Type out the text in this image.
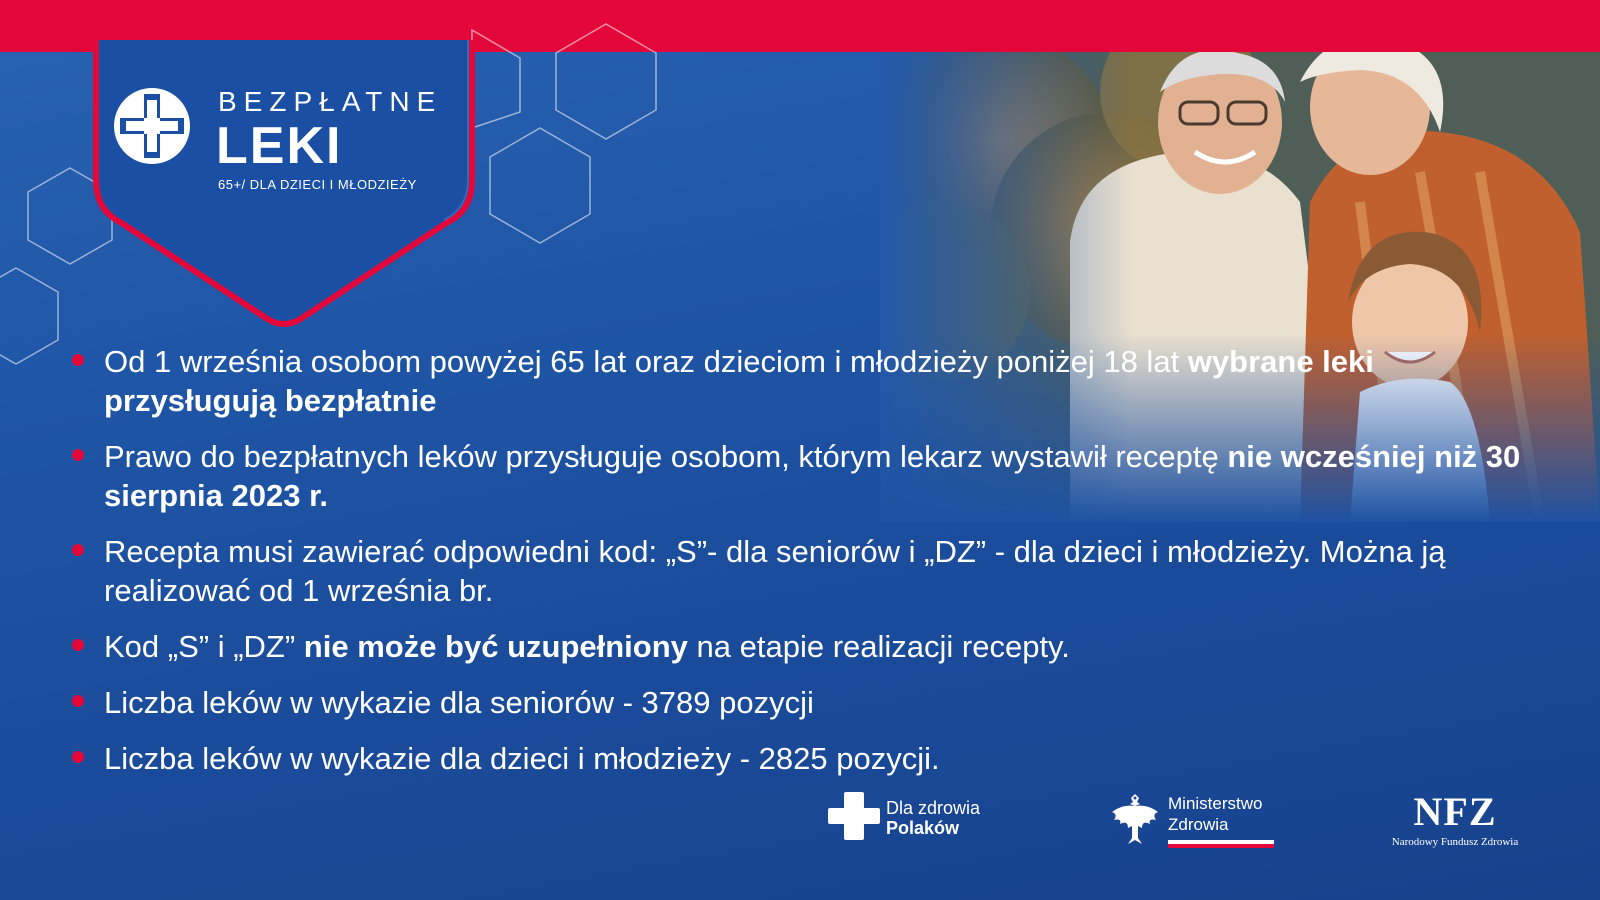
BEZPŁATNE
LEKI
65+/ DLA DZIECI I MŁODZIEŻY
Od 1 września osobom powyżej 65 lat oraz dzieciom i młodzieży poniżej 18 lat wybrane leki przysługują bezpłatnie
Prawo do bezpłatnych leków przysługuje osobom, którym lekarz wystawił receptę nie wcześniej niż 30 sierpnia 2023 r.
Recepta musi zawierać odpowiedni kod: „S”- dla seniorów i „DZ” - dla dzieci i młodzieży. Można ją realizować od 1 września br.
Kod „S” i „DZ” nie może być uzupełniony na etapie realizacji recepty.
Liczba leków w wykazie dla seniorów - 3789 pozycji
Liczba leków w wykazie dla dzieci i młodzieży - 2825 pozycji.
Dla zdrowia
Polaków
Ministerstwo
Zdrowia	NFZ
Narodowy Fundusz Zdrowia
